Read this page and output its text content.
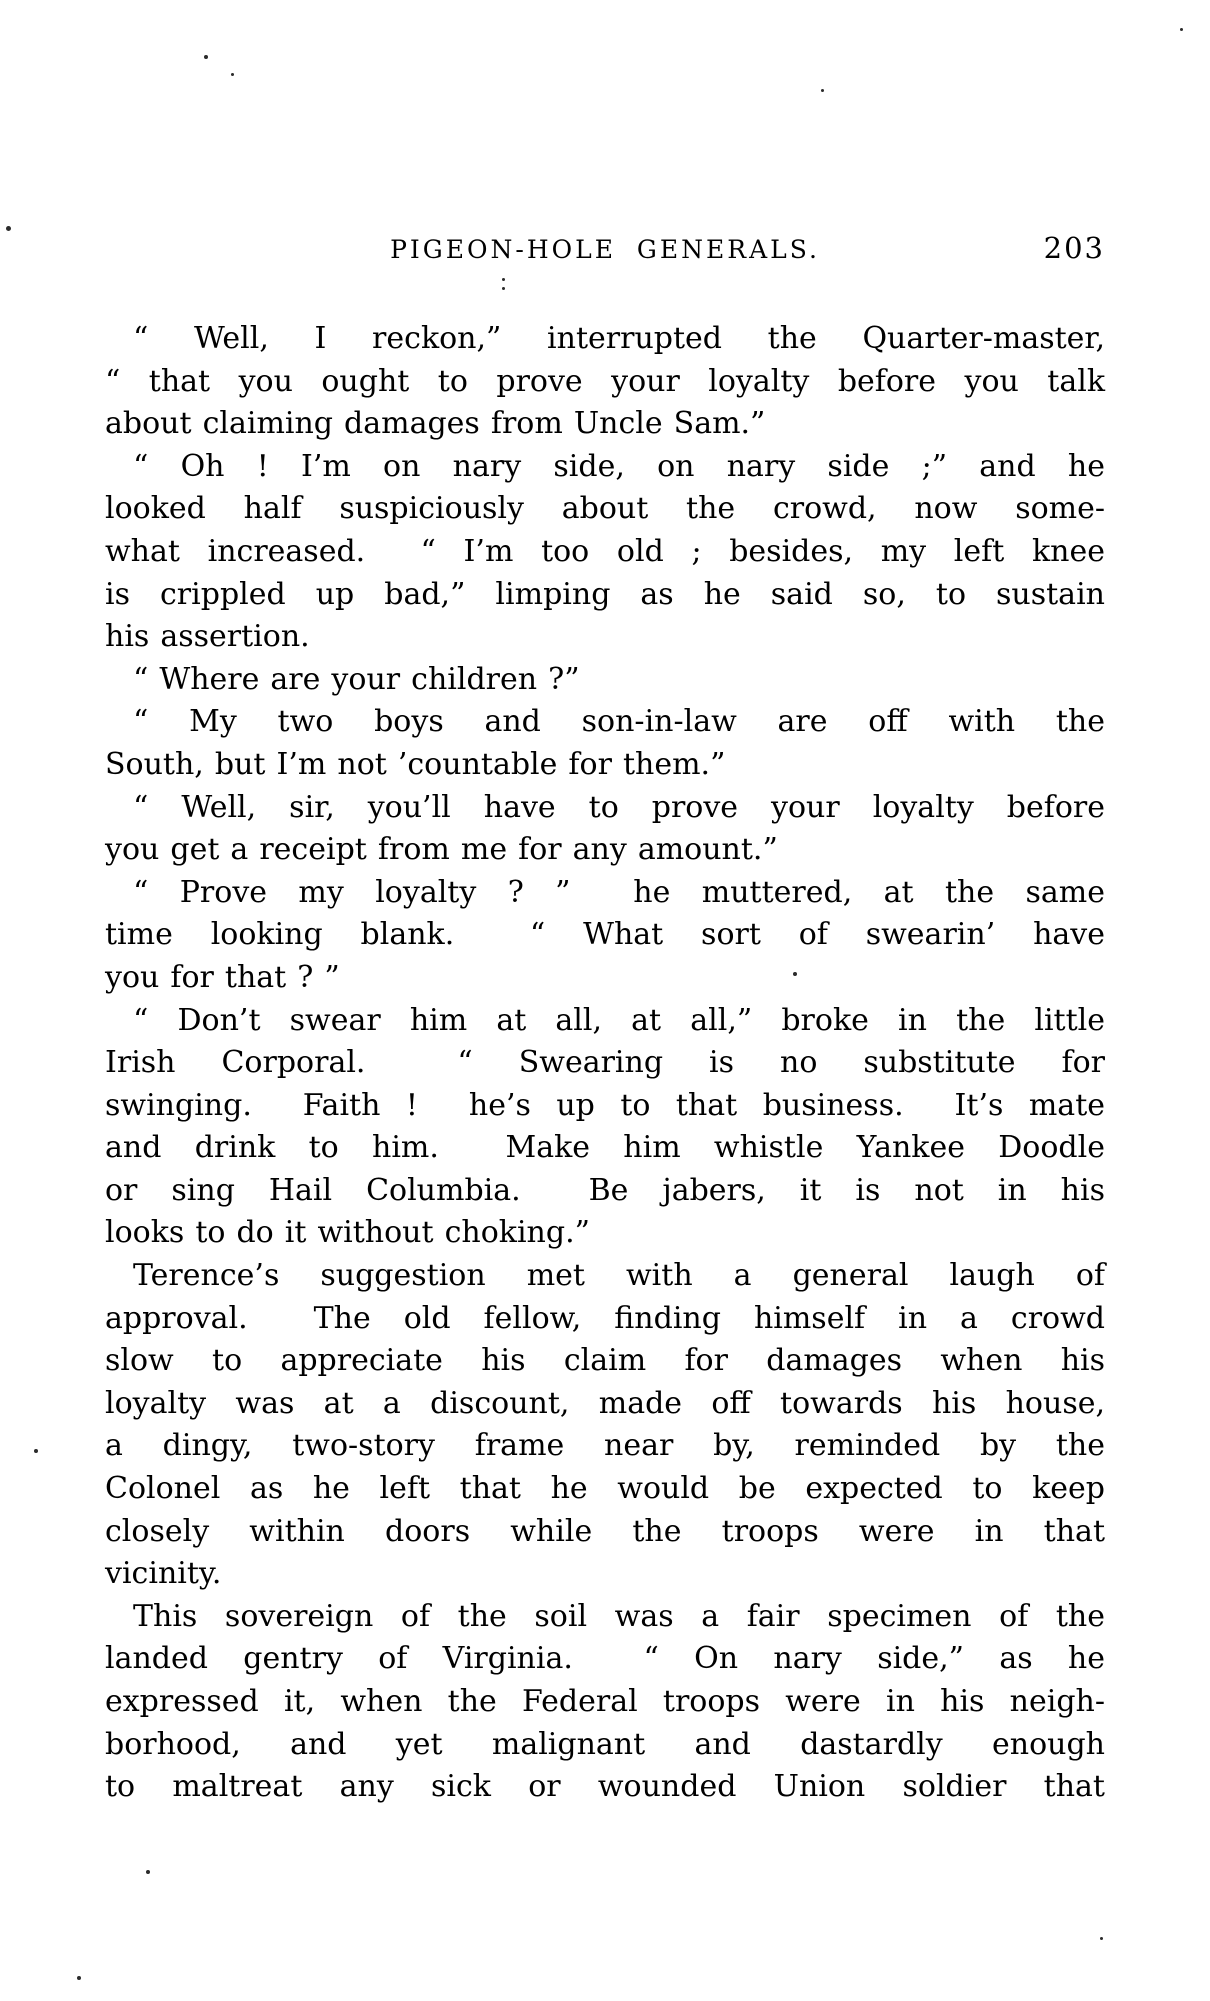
PIGEON-HOLE GENERALS.	203
“ Well, I reckon,” interrupted the Quarter-master,
“ that you ought to prove your loyalty before you talk
about claiming damages from Uncle Sam.”
“ Oh ! I’m on nary side, on nary side ;” and he
looked half suspiciously about the crowd, now some-
what increased.  “ I’m too old ; besides, my left knee
is crippled up bad,” limping as he said so, to sustain
his assertion.
“ Where are your children ?”
“ My two boys and son-in-law are off with the
South, but I’m not ’countable for them.”
“ Well, sir, you’ll have to prove your loyalty before
you get a receipt from me for any amount.”
“ Prove my loyalty ? ”  he muttered, at the same
time looking blank.  “ What sort of swearin’ have
you for that ? ”
“ Don’t swear him at all, at all,” broke in the little
Irish Corporal.  “ Swearing is no substitute for
swinging.  Faith !  he’s up to that business.  It’s mate
and drink to him.  Make him whistle Yankee Doodle
or sing Hail Columbia.  Be jabers, it is not in his
looks to do it without choking.”
Terence’s suggestion met with a general laugh of
approval.  The old fellow, finding himself in a crowd
slow to appreciate his claim for damages when his
loyalty was at a discount, made off towards his house,
a dingy, two-story frame near by, reminded by the
Colonel as he left that he would be expected to keep
closely within doors while the troops were in that
vicinity.
This sovereign of the soil was a fair specimen of the
landed gentry of Virginia.  “ On nary side,” as he
expressed it, when the Federal troops were in his neigh-
borhood, and yet malignant and dastardly enough
to maltreat any sick or wounded Union soldier that
